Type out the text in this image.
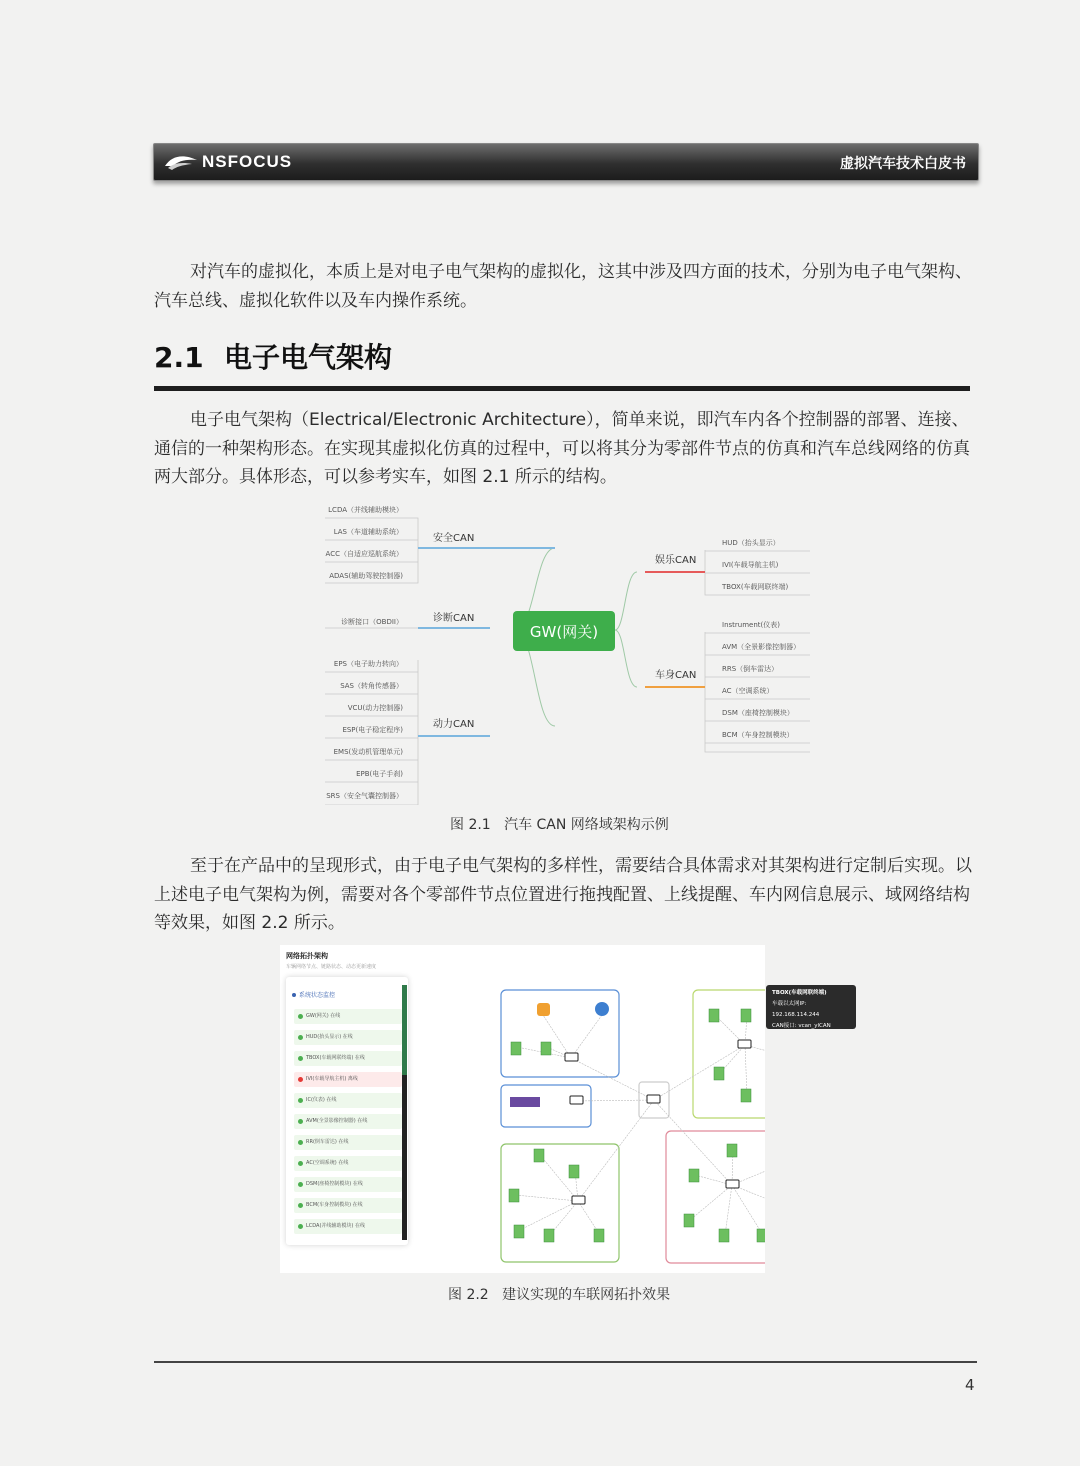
NSFOCUS	虚拟汽车技术白皮书
对汽车的虚拟化，本质上是对电子电气架构的虚拟化，这其中涉及四方面的技术，分别为电子电气架构、汽车总线、虚拟化软件以及车内操作系统。
2.1 电子电气架构
电子电气架构（Electrical/Electronic Architecture），简单来说，即汽车内各个控制器的部署、连接、通信的一种架构形态。在实现其虚拟化仿真的过程中，可以将其分为零部件节点的仿真和汽车总线网络的仿真两大部分。具体形态，可以参考实车，如图 2.1 所示的结构。
GW(网关)
安全CAN
诊断CAN
动力CAN
娱乐CAN
车身CAN
LCDA（并线辅助模块）
LAS（车道辅助系统）
ACC（自适应巡航系统）
ADAS(辅助驾驶控制器)
诊断接口（OBDII）
EPS（电子助力转向）
SAS（转角传感器）
VCU(动力控制器)
ESP(电子稳定程序)
EMS(发动机管理单元)
EPB(电子手刹)
SRS（安全气囊控制器）
HUD（抬头显示）
IVI(车载导航主机)
TBOX(车载网联终端)
Instrument(仪表)
AVM（全景影像控制器）
RRS（倒车雷达）
AC（空调系统）
DSM（座椅控制模块）
BCM（车身控制模块）
图 2.1 汽车 CAN 网络域架构示例
至于在产品中的呈现形式，由于电子电气架构的多样性，需要结合具体需求对其架构进行定制后实现。以上述电子电气架构为例，需要对各个零部件节点位置进行拖拽配置、上线提醒、车内网信息展示、域网络结构等效果，如图 2.2 所示。
网络拓扑架构
车辆网络节点、链路状态、动态更新速度
系统状态监控
GW(网关) 在线
HUD(抬头显示) 在线
TBOX(车载网联终端) 在线
IVI(车载导航主机) 离线
IC(仪表) 在线
AVM(全景影像控制器) 在线
RR(倒车雷达) 在线
AC(空调系统) 在线
DSM(座椅控制模块) 在线
BCM(车身控制模块) 在线
LCDA(并线辅助模块) 在线
TBOX(车载网联终端)
车载以太网IP: 192.168.114.244
CAN接口: vcan_ylCAN
图 2.2 建议实现的车联网拓扑效果
4
